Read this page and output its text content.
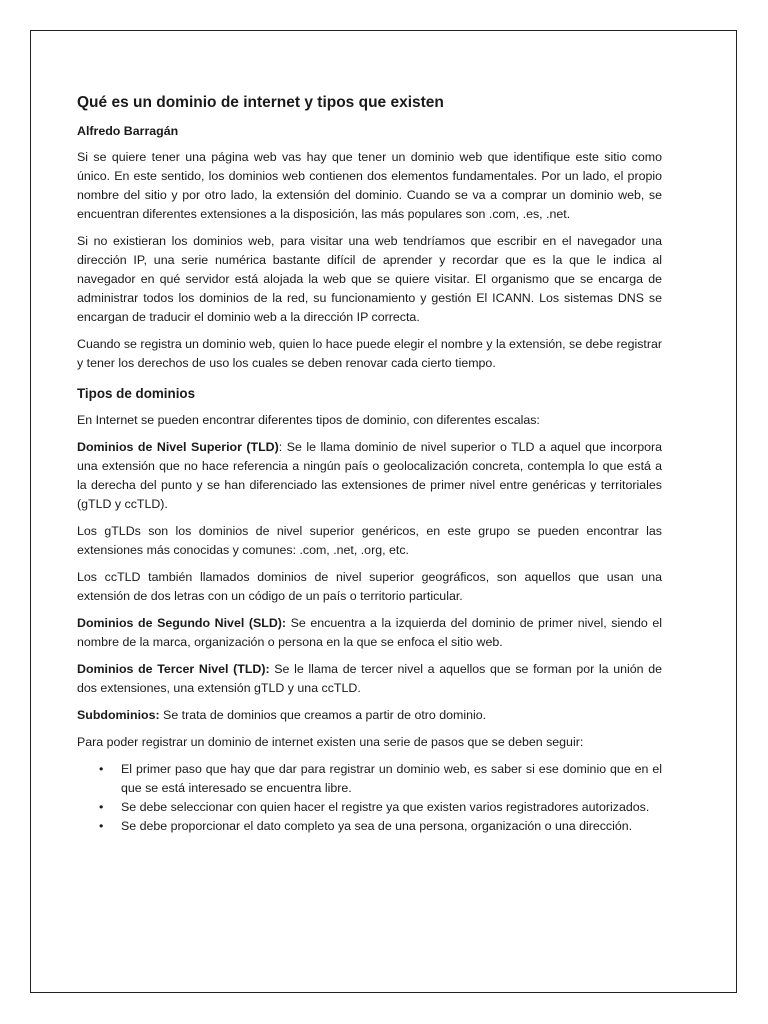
Qué es un dominio de internet y tipos que existen
Alfredo Barragán

Si se quiere tener una página web vas hay que tener un dominio web que identifique este sitio como único. En este sentido, los dominios web contienen dos elementos fundamentales. Por un lado, el propio nombre del sitio y por otro lado, la extensión del dominio. Cuando se va a comprar un dominio web, se encuentran diferentes extensiones a la disposición, las más populares son .com, .es, .net.

Si no existieran los dominios web, para visitar una web tendríamos que escribir en el navegador una dirección IP, una serie numérica bastante difícil de aprender y recordar que es la que le indica al navegador en qué servidor está alojada la web que se quiere visitar. El organismo que se encarga de administrar todos los dominios de la red, su funcionamiento y gestión El ICANN. Los sistemas DNS se encargan de traducir el dominio web a la dirección IP correcta.

Cuando se registra un dominio web, quien lo hace puede elegir el nombre y la extensión, se debe registrar y tener los derechos de uso los cuales se deben renovar cada cierto tiempo.

Tipos de dominios

En Internet se pueden encontrar diferentes tipos de dominio, con diferentes escalas:

Dominios de Nivel Superior (TLD): Se le llama dominio de nivel superior o TLD a aquel que incorpora una extensión que no hace referencia a ningún país o geolocalización concreta, contempla lo que está a la derecha del punto y se han diferenciado las extensiones de primer nivel entre genéricas y territoriales (gTLD y ccTLD).

Los gTLDs son los dominios de nivel superior genéricos, en este grupo se pueden encontrar las extensiones más conocidas y comunes: .com, .net, .org, etc.

Los ccTLD también llamados dominios de nivel superior geográficos, son aquellos que usan una extensión de dos letras con un código de un país o territorio particular.

Dominios de Segundo Nivel (SLD): Se encuentra a la izquierda del dominio de primer nivel, siendo el nombre de la marca, organización o persona en la que se enfoca el sitio web.

Dominios de Tercer Nivel (TLD): Se le llama de tercer nivel a aquellos que se forman por la unión de dos extensiones, una extensión gTLD y una ccTLD.

Subdominios: Se trata de dominios que creamos a partir de otro dominio.

Para poder registrar un dominio de internet existen una serie de pasos que se deben seguir:

• El primer paso que hay que dar para registrar un dominio web, es saber si ese dominio que en el que se está interesado se encuentra libre.
• Se debe seleccionar con quien hacer el registre ya que existen varios registradores autorizados.
• Se debe proporcionar el dato completo ya sea de una persona, organización o una dirección.
